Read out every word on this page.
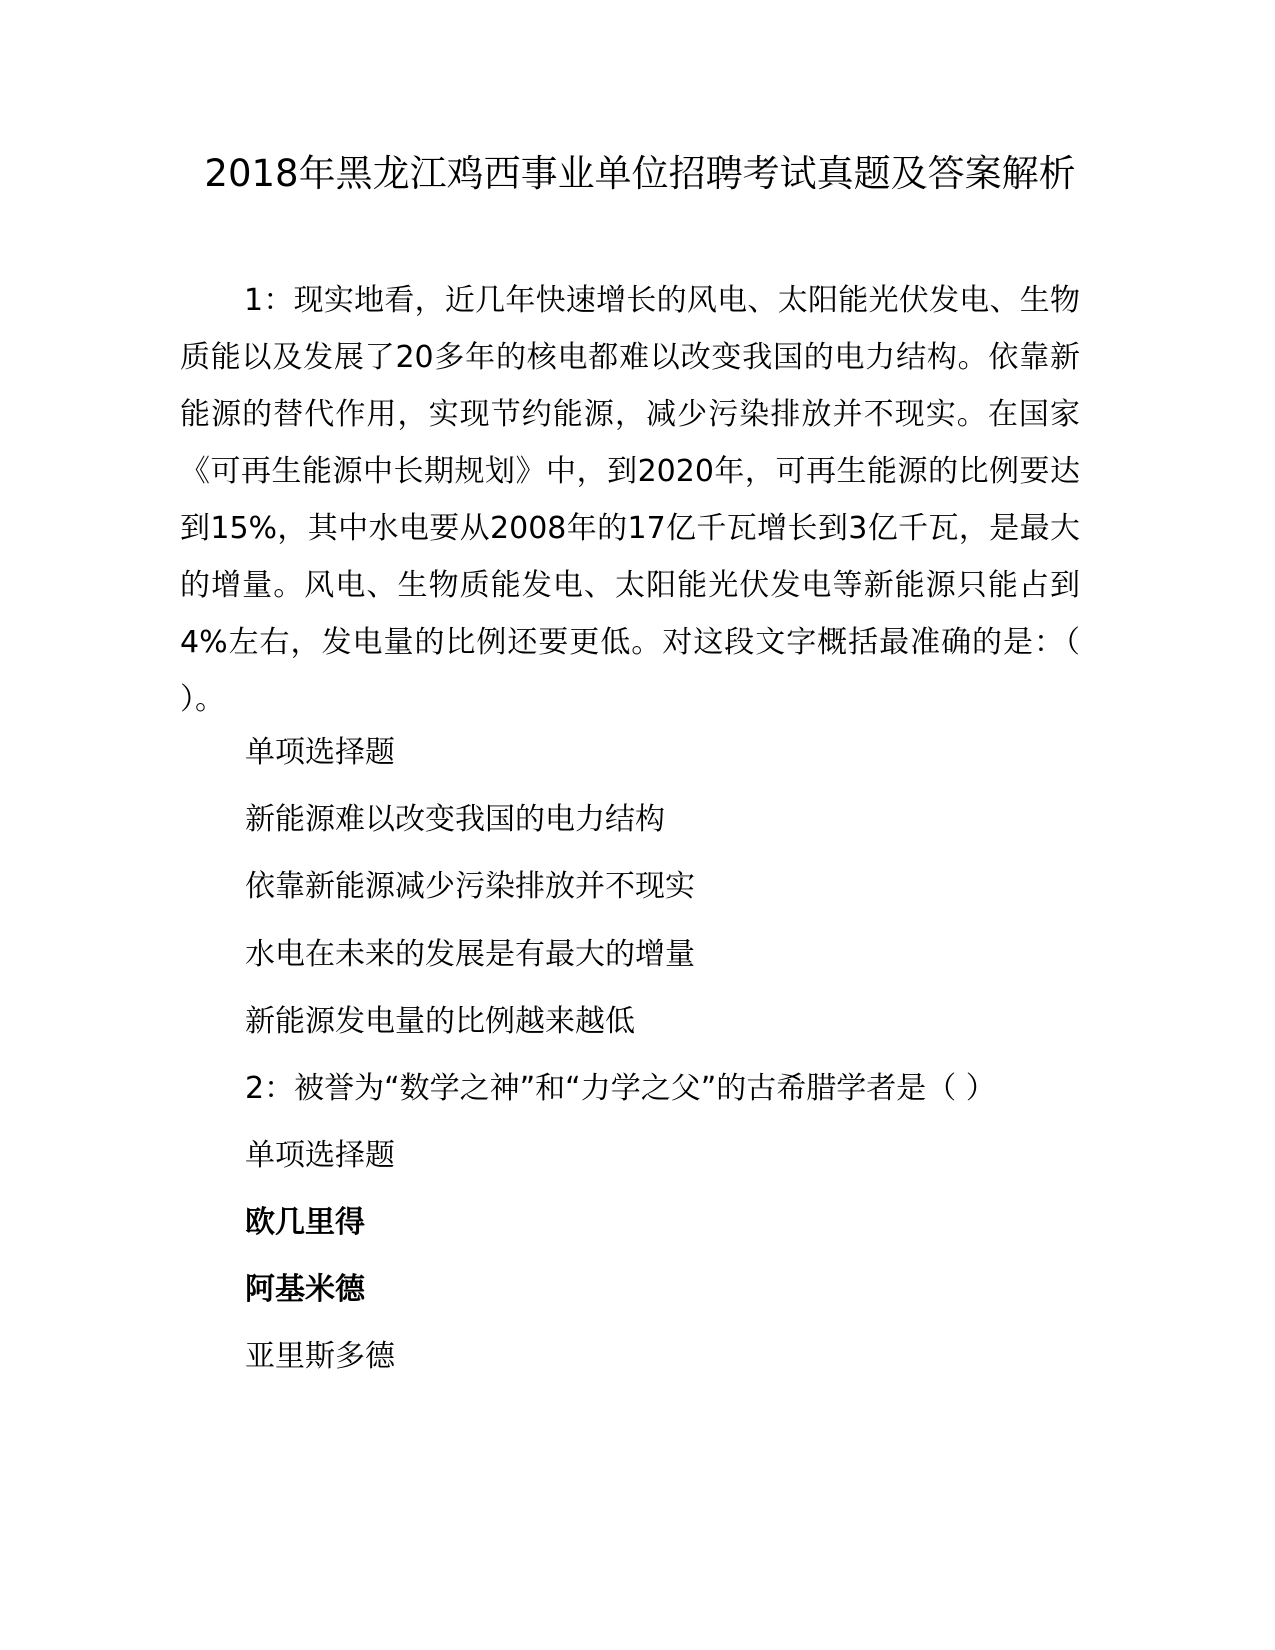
2018年黑龙江鸡西事业单位招聘考试真题及答案解析

1：现实地看，近几年快速增长的风电、太阳能光伏发电、生物质能以及发展了20多年的核电都难以改变我国的电力结构。依靠新能源的替代作用，实现节约能源，减少污染排放并不现实。在国家《可再生能源中长期规划》中，到2020年，可再生能源的比例要达到15%，其中水电要从2008年的17亿千瓦增长到3亿千瓦，是最大的增量。风电、生物质能发电、太阳能光伏发电等新能源只能占到4%左右，发电量的比例还要更低。对这段文字概括最准确的是：（ ）。

单项选择题

新能源难以改变我国的电力结构

依靠新能源减少污染排放并不现实

水电在未来的发展是有最大的增量

新能源发电量的比例越来越低

2：被誉为“数学之神”和“力学之父”的古希腊学者是（ ）

单项选择题

欧几里得

阿基米德

亚里斯多德
